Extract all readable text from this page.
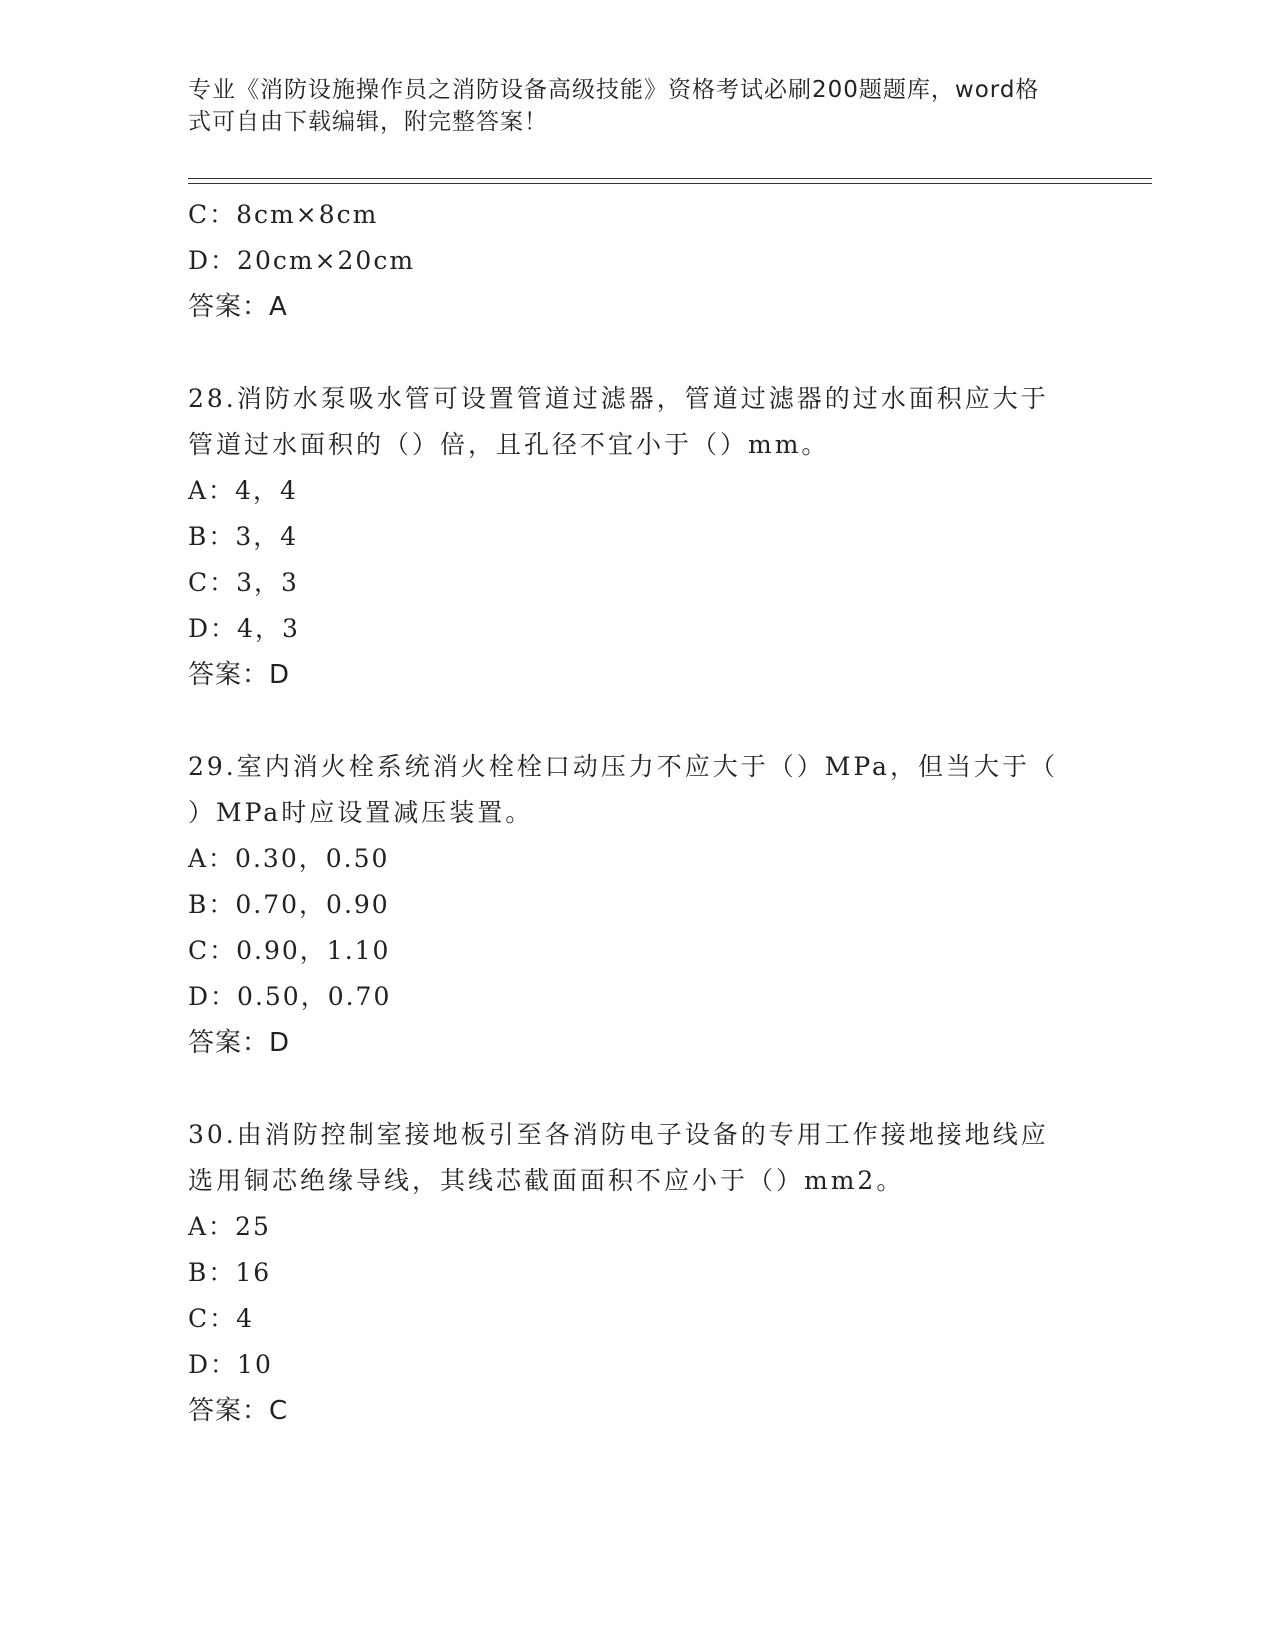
专业《消防设施操作员之消防设备高级技能》资格考试必刷200题题库，word格
式可自由下载编辑，附完整答案！
C：8cm×8cm
D：20cm×20cm
答案：A
28.消防水泵吸水管可设置管道过滤器，管道过滤器的过水面积应大于
管道过水面积的（）倍，且孔径不宜小于（）mm。
A：4，4
B：3，4
C：3，3
D：4，3
答案：D
29.室内消火栓系统消火栓栓口动压力不应大于（）MPa，但当大于（
）MPa时应设置减压装置。
A：0.30，0.50
B：0.70，0.90
C：0.90，1.10
D：0.50，0.70
答案：D
30.由消防控制室接地板引至各消防电子设备的专用工作接地接地线应
选用铜芯绝缘导线，其线芯截面面积不应小于（）mm2。
A：25
B：16
C：4
D：10
答案：C
